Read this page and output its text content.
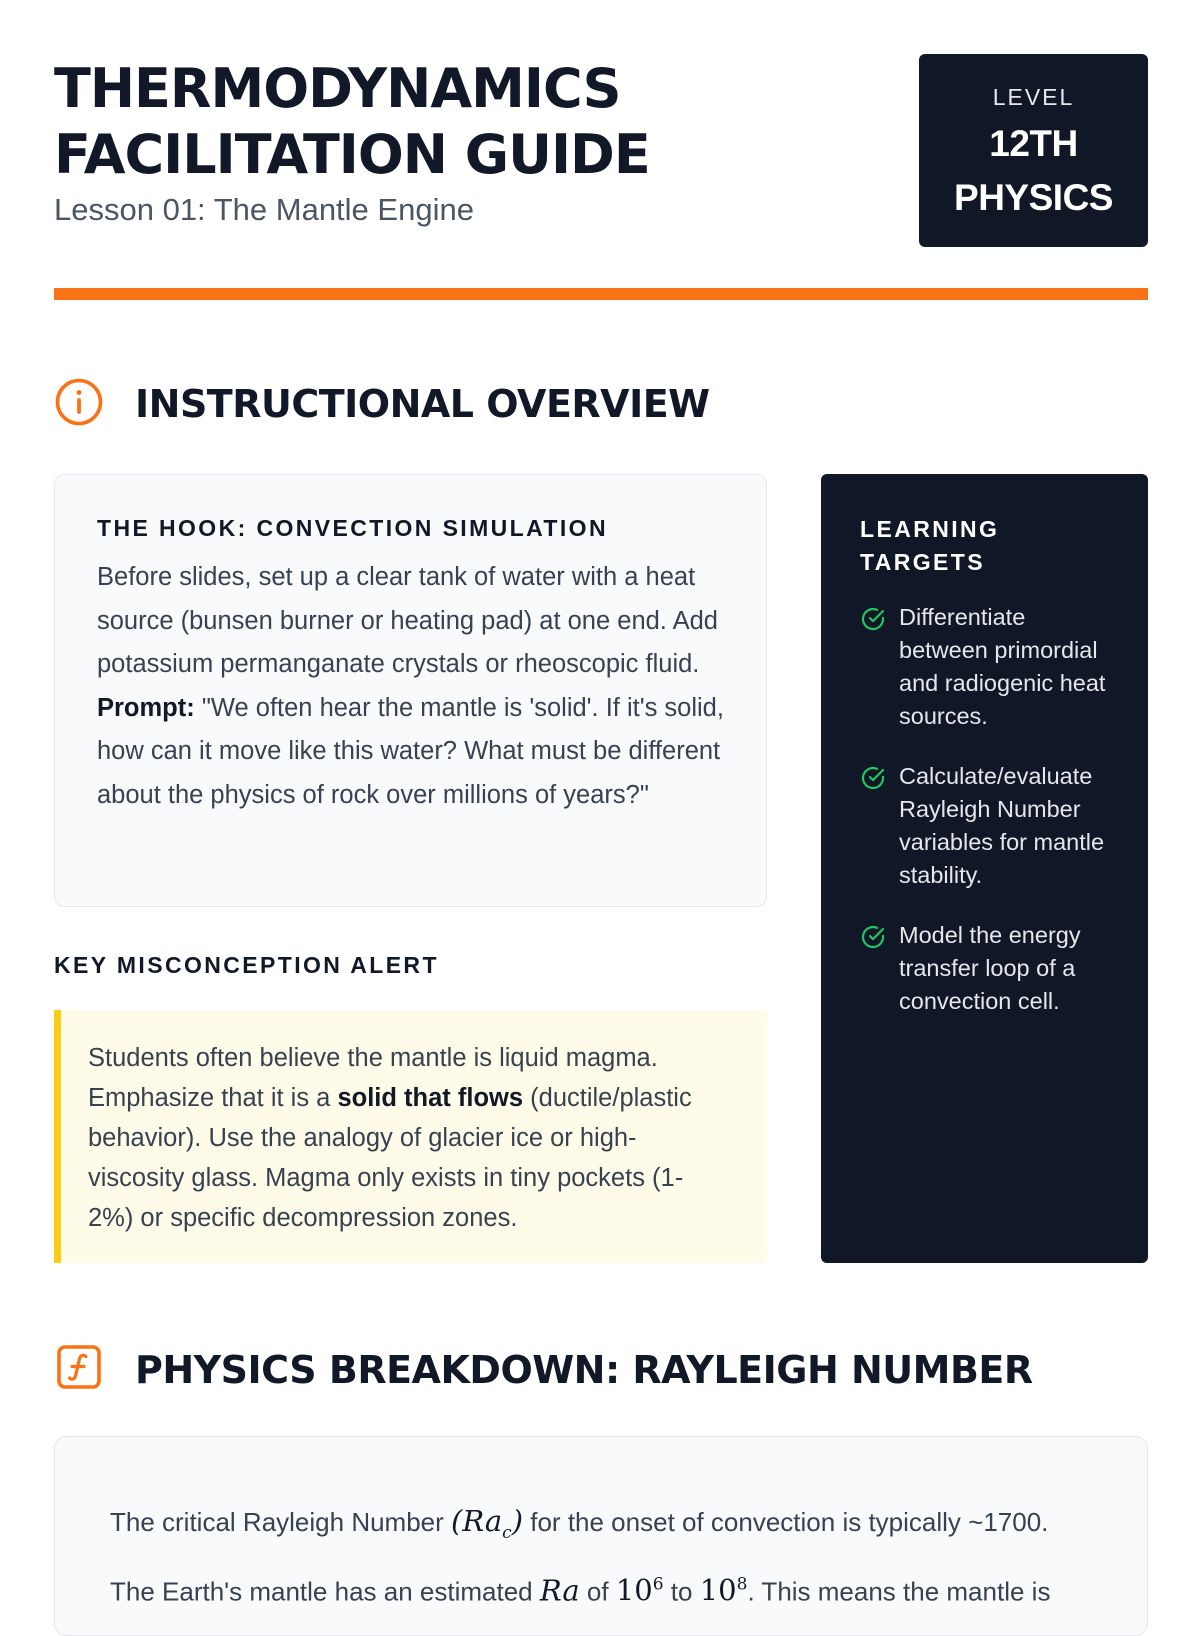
THERMODYNAMICS
FACILITATION GUIDE
Lesson 01: The Mantle Engine
LEVEL
12TH
PHYSICS
INSTRUCTIONAL OVERVIEW
THE HOOK: CONVECTION SIMULATION

Before slides, set up a clear tank of water with a heat source (bunsen burner or heating pad) at one end. Add potassium permanganate crystals or rheoscopic fluid. Prompt: "We often hear the mantle is 'solid'. If it's solid, how can it move like this water? What must be different about the physics of rock over millions of years?"

KEY MISCONCEPTION ALERT

Students often believe the mantle is liquid magma. Emphasize that it is a solid that flows (ductile/plastic behavior). Use the analogy of glacier ice or high-viscosity glass. Magma only exists in tiny pockets (1-2%) or specific decompression zones.

LEARNING TARGETS
Differentiate between primordial and radiogenic heat sources.
Calculate/evaluate Rayleigh Number variables for mantle stability.
Model the energy transfer loop of a convection cell.
PHYSICS BREAKDOWN: RAYLEIGH NUMBER

The critical Rayleigh Number $(Ra_c)$ for the onset of convection is typically ~1700.

The Earth's mantle has an estimated Ra of $10^6$ to $10^8$. This means the mantle is
